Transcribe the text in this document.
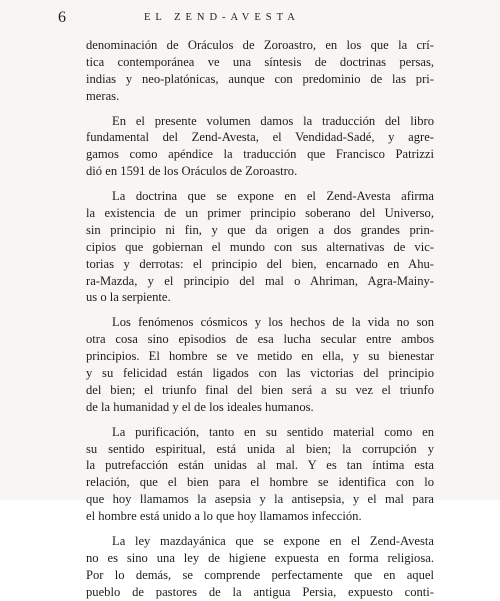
6	EL ZEND-AVESTA

denominación de Oráculos de Zoroastro, en los que la crí-
tica contemporánea ve una síntesis de doctrinas persas,
indias y neo-platónicas, aunque con predominio de las pri-
meras.

En el presente volumen damos la traducción del libro
fundamental del Zend-Avesta, el Vendidad-Sadé, y agre-
gamos como apéndice la traducción que Francisco Patrizzi
dió en 1591 de los Oráculos de Zoroastro.

La doctrina que se expone en el Zend-Avesta afirma
la existencia de un primer principio soberano del Universo,
sin principio ni fin, y que da origen a dos grandes prin-
cipios que gobiernan el mundo con sus alternativas de vic-
torias y derrotas: el principio del bien, encarnado en Ahu-
ra-Mazda, y el principio del mal o Ahriman, Agra-Mainy-
us o la serpiente.

Los fenómenos cósmicos y los hechos de la vida no son
otra cosa sino episodios de esa lucha secular entre ambos
principios. El hombre se ve metido en ella, y su bienestar
y su felicidad están ligados con las victorias del principio
del bien; el triunfo final del bien será a su vez el triunfo
de la humanidad y el de los ideales humanos.

La purificación, tanto en su sentido material como en
su sentido espiritual, está unida al bien; la corrupción y
la putrefacción están unidas al mal. Y es tan íntima esta
relación, que el bien para el hombre se identifica con lo
que hoy llamamos la asepsia y la antisepsia, y el mal para
el hombre está unido a lo que hoy llamamos infección.

La ley mazdayánica que se expone en el Zend-Avesta
no es sino una ley de higiene expuesta en forma religiosa.
Por lo demás, se comprende perfectamente que en aquel
pueblo de pastores de la antigua Persia, expuesto conti-
